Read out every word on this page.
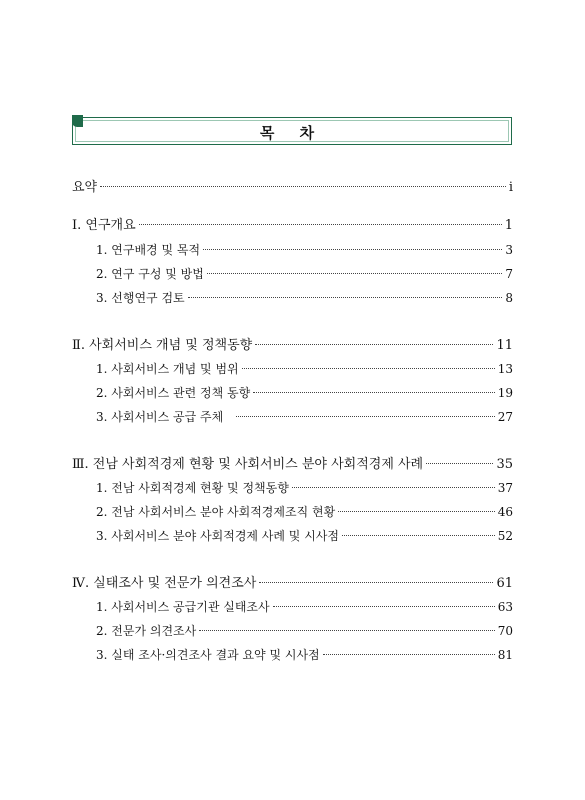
목 차
요약	i
Ⅰ. 연구개요	1
1. 연구배경 및 목적	3
2. 연구 구성 및 방법	7
3. 선행연구 검토	8
Ⅱ. 사회서비스 개념 및 정책동향	11
1. 사회서비스 개념 및 범위	13
2. 사회서비스 관련 정책 동향	19
3. 사회서비스 공급 주체	27
Ⅲ. 전남 사회적경제 현황 및 사회서비스 분야 사회적경제 사례	35
1. 전남 사회적경제 현황 및 정책동향	37
2. 전남 사회서비스 분야 사회적경제조직 현황	46
3. 사회서비스 분야 사회적경제 사례 및 시사점	52
Ⅳ. 실태조사 및 전문가 의견조사	61
1. 사회서비스 공급기관 실태조사	63
2. 전문가 의견조사	70
3. 실태 조사·의견조사 결과 요약 및 시사점	81
